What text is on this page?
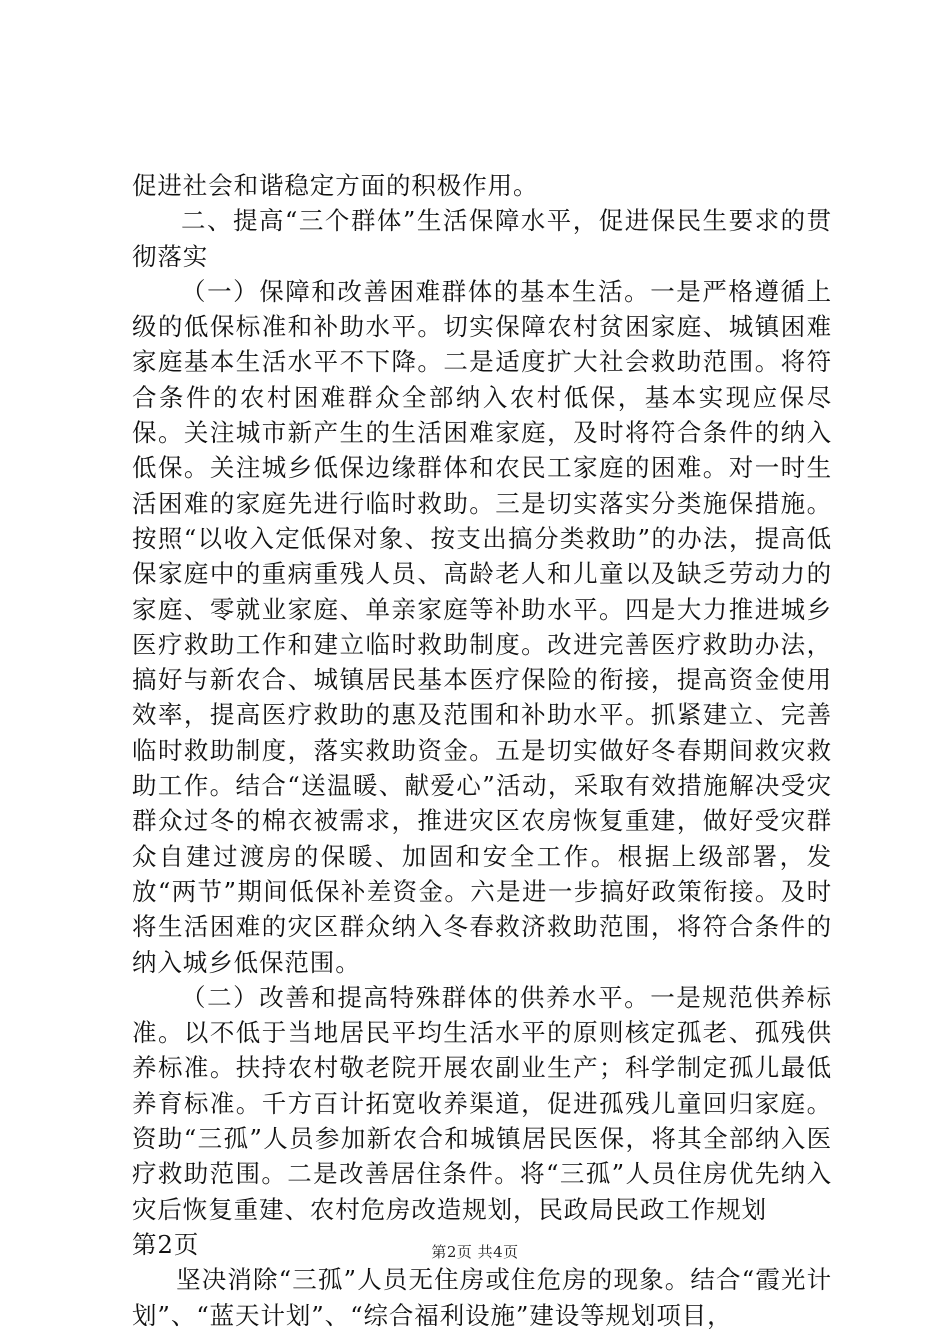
促进社会和谐稳定方面的积极作用。

二、提高“三个群体”生活保障水平，促进保民生要求的贯彻落实

（一）保障和改善困难群体的基本生活。一是严格遵循上级的低保标准和补助水平。切实保障农村贫困家庭、城镇困难家庭基本生活水平不下降。二是适度扩大社会救助范围。将符合条件的农村困难群众全部纳入农村低保，基本实现应保尽保。关注城市新产生的生活困难家庭，及时将符合条件的纳入低保。关注城乡低保边缘群体和农民工家庭的困难。对一时生活困难的家庭先进行临时救助。三是切实落实分类施保措施。按照“以收入定低保对象、按支出搞分类救助”的办法，提高低保家庭中的重病重残人员、高龄老人和儿童以及缺乏劳动力的家庭、零就业家庭、单亲家庭等补助水平。四是大力推进城乡医疗救助工作和建立临时救助制度。改进完善医疗救助办法，搞好与新农合、城镇居民基本医疗保险的衔接，提高资金使用效率，提高医疗救助的惠及范围和补助水平。抓紧建立、完善临时救助制度，落实救助资金。五是切实做好冬春期间救灾救助工作。结合“送温暖、献爱心”活动，采取有效措施解决受灾群众过冬的棉衣被需求，推进灾区农房恢复重建，做好受灾群众自建过渡房的保暖、加固和安全工作。根据上级部署，发放“两节”期间低保补差资金。六是进一步搞好政策衔接。及时将生活困难的灾区群众纳入冬春救济救助范围，将符合条件的纳入城乡低保范围。

（二）改善和提高特殊群体的供养水平。一是规范供养标准。以不低于当地居民平均生活水平的原则核定孤老、孤残供养标准。扶持农村敬老院开展农副业生产；科学制定孤儿最低养育标准。千方百计拓宽收养渠道，促进孤残儿童回归家庭。资助“三孤”人员参加新农合和城镇居民医保，将其全部纳入医疗救助范围。二是改善居住条件。将“三孤”人员住房优先纳入灾后恢复重建、农村危房改造规划，民政局民政工作规划

第2页

坚决消除“三孤”人员无住房或住危房的现象。结合“霞光计划”、“蓝天计划”、“综合福利设施”建设等规划项目，

第2页 共4页
